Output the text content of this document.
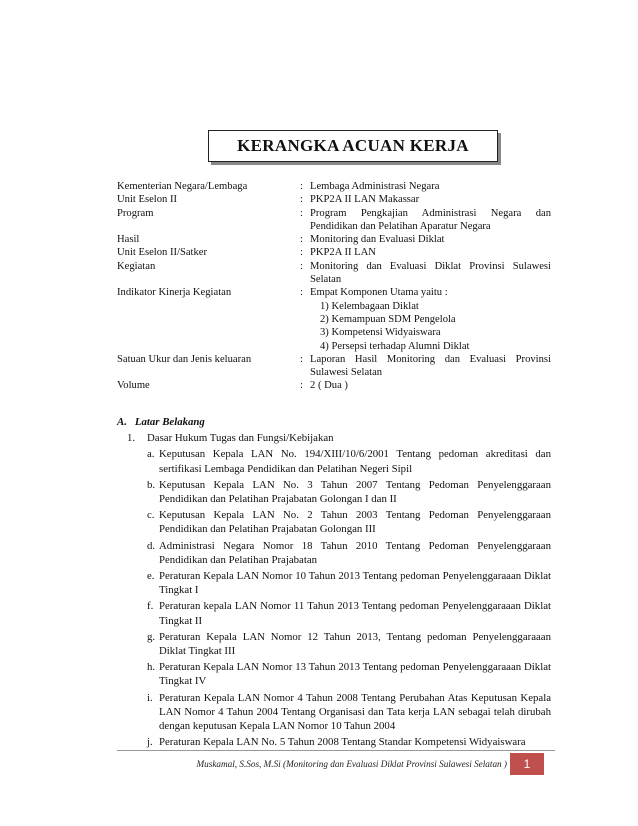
KERANGKA ACUAN KERJA
Kementerian Negara/Lembaga	: Lembaga Administrasi Negara
Unit Eselon II	: PKP2A II LAN Makassar
Program	: Program Pengkajian Administrasi Negara dan Pendidikan dan Pelatihan Aparatur Negara
Hasil	: Monitoring dan Evaluasi Diklat
Unit Eselon II/Satker	: PKP2A II LAN
Kegiatan	: Monitoring dan Evaluasi Diklat Provinsi Sulawesi Selatan
Indikator Kinerja Kegiatan	: Empat Komponen Utama yaitu :
1) Kelembagaan Diklat
2) Kemampuan SDM Pengelola
3) Kompetensi Widyaiswara
4) Persepsi terhadap Alumni Diklat
Satuan Ukur dan Jenis keluaran	: Laporan Hasil Monitoring dan Evaluasi Provinsi Sulawesi Selatan
Volume	: 2 ( Dua )
A. Latar Belakang
1.	Dasar Hukum Tugas dan Fungsi/Kebijakan
a. Keputusan Kepala LAN No. 194/XIII/10/6/2001 Tentang pedoman akreditasi dan sertifikasi Lembaga Pendidikan dan Pelatihan Negeri Sipil
b. Keputusan Kepala LAN No. 3 Tahun 2007 Tentang Pedoman Penyelenggaraan Pendidikan dan Pelatihan Prajabatan Golongan I dan II
c. Keputusan Kepala LAN No. 2 Tahun 2003 Tentang Pedoman Penyelenggaraan Pendidikan dan Pelatihan Prajabatan Golongan III
d. Administrasi Negara Nomor 18 Tahun 2010 Tentang Pedoman Penyelenggaraan Pendidikan dan Pelatihan Prajabatan
e. Peraturan Kepala LAN Nomor 10 Tahun 2013 Tentang pedoman Penyelenggaraaan Diklat Tingkat I
f. Peraturan kepala LAN Nomor 11 Tahun 2013 Tentang pedoman Penyelenggaraaan Diklat Tingkat II
g. Peraturan Kepala LAN Nomor 12 Tahun 2013, Tentang pedoman Penyelenggaraaan Diklat Tingkat III
h. Peraturan Kepala LAN Nomor 13 Tahun 2013 Tentang pedoman Penyelenggaraaan Diklat Tingkat IV
i. Peraturan Kepala LAN Nomor 4 Tahun 2008 Tentang Perubahan Atas Keputusan Kepala LAN Nomor 4 Tahun 2004 Tentang Organisasi dan Tata kerja LAN sebagai telah dirubah dengan keputusan Kepala LAN Nomor 10 Tahun 2004
j. Peraturan Kepala LAN No. 5 Tahun 2008 Tentang Standar Kompetensi Widyaiswara
Muskamal, S.Sos, M.Si (Monitoring dan Evaluasi Diklat Provinsi Sulawesi Selatan )	1
